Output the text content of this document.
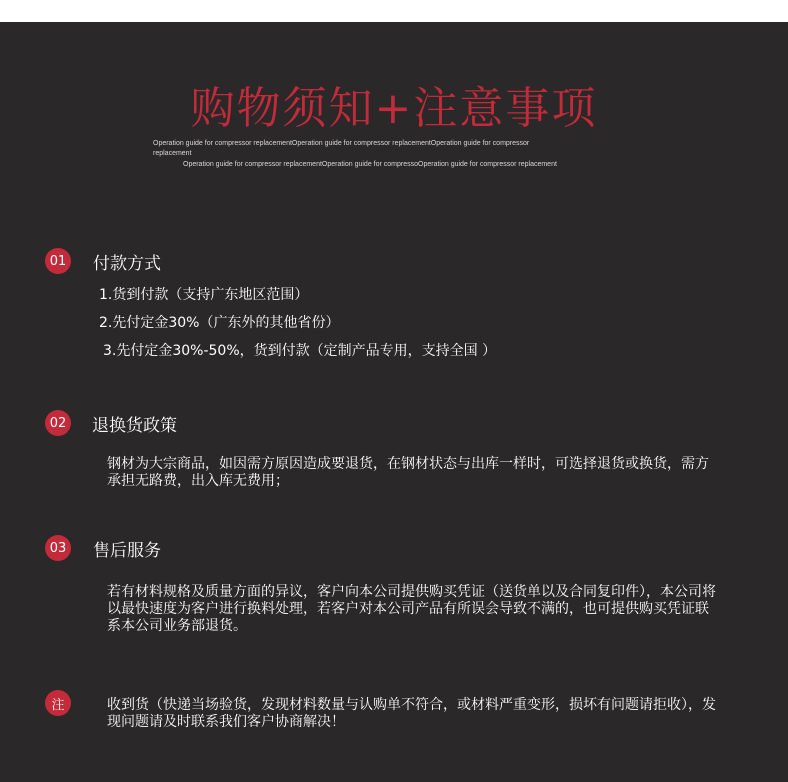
购物须知+注意事项
Operation guide for compressor replacementOperation guide for compressor replacementOperation guide for compressor
replacement
Operation guide for compressor replacementOperation guide for compressoOperation guide for compressor replacement
01 付款方式
1.货到付款（支持广东地区范围）
2.先付定金30%（广东外的其他省份）
3.先付定金30%-50%，货到付款（定制产品专用，支持全国 ）
02 退换货政策
钢材为大宗商品，如因需方原因造成要退货，在钢材状态与出库一样时，可选择退货或换货，需方承担无路费，出入库无费用；
03 售后服务
若有材料规格及质量方面的异议，客户向本公司提供购买凭证（送货单以及合同复印件），本公司将以最快速度为客户进行换料处理，若客户对本公司产品有所误会导致不满的，也可提供购买凭证联系本公司业务部退货。
注	收到货（快递当场验货，发现材料数量与认购单不符合，或材料严重变形，损坏有问题请拒收），发现问题请及时联系我们客户协商解决！
